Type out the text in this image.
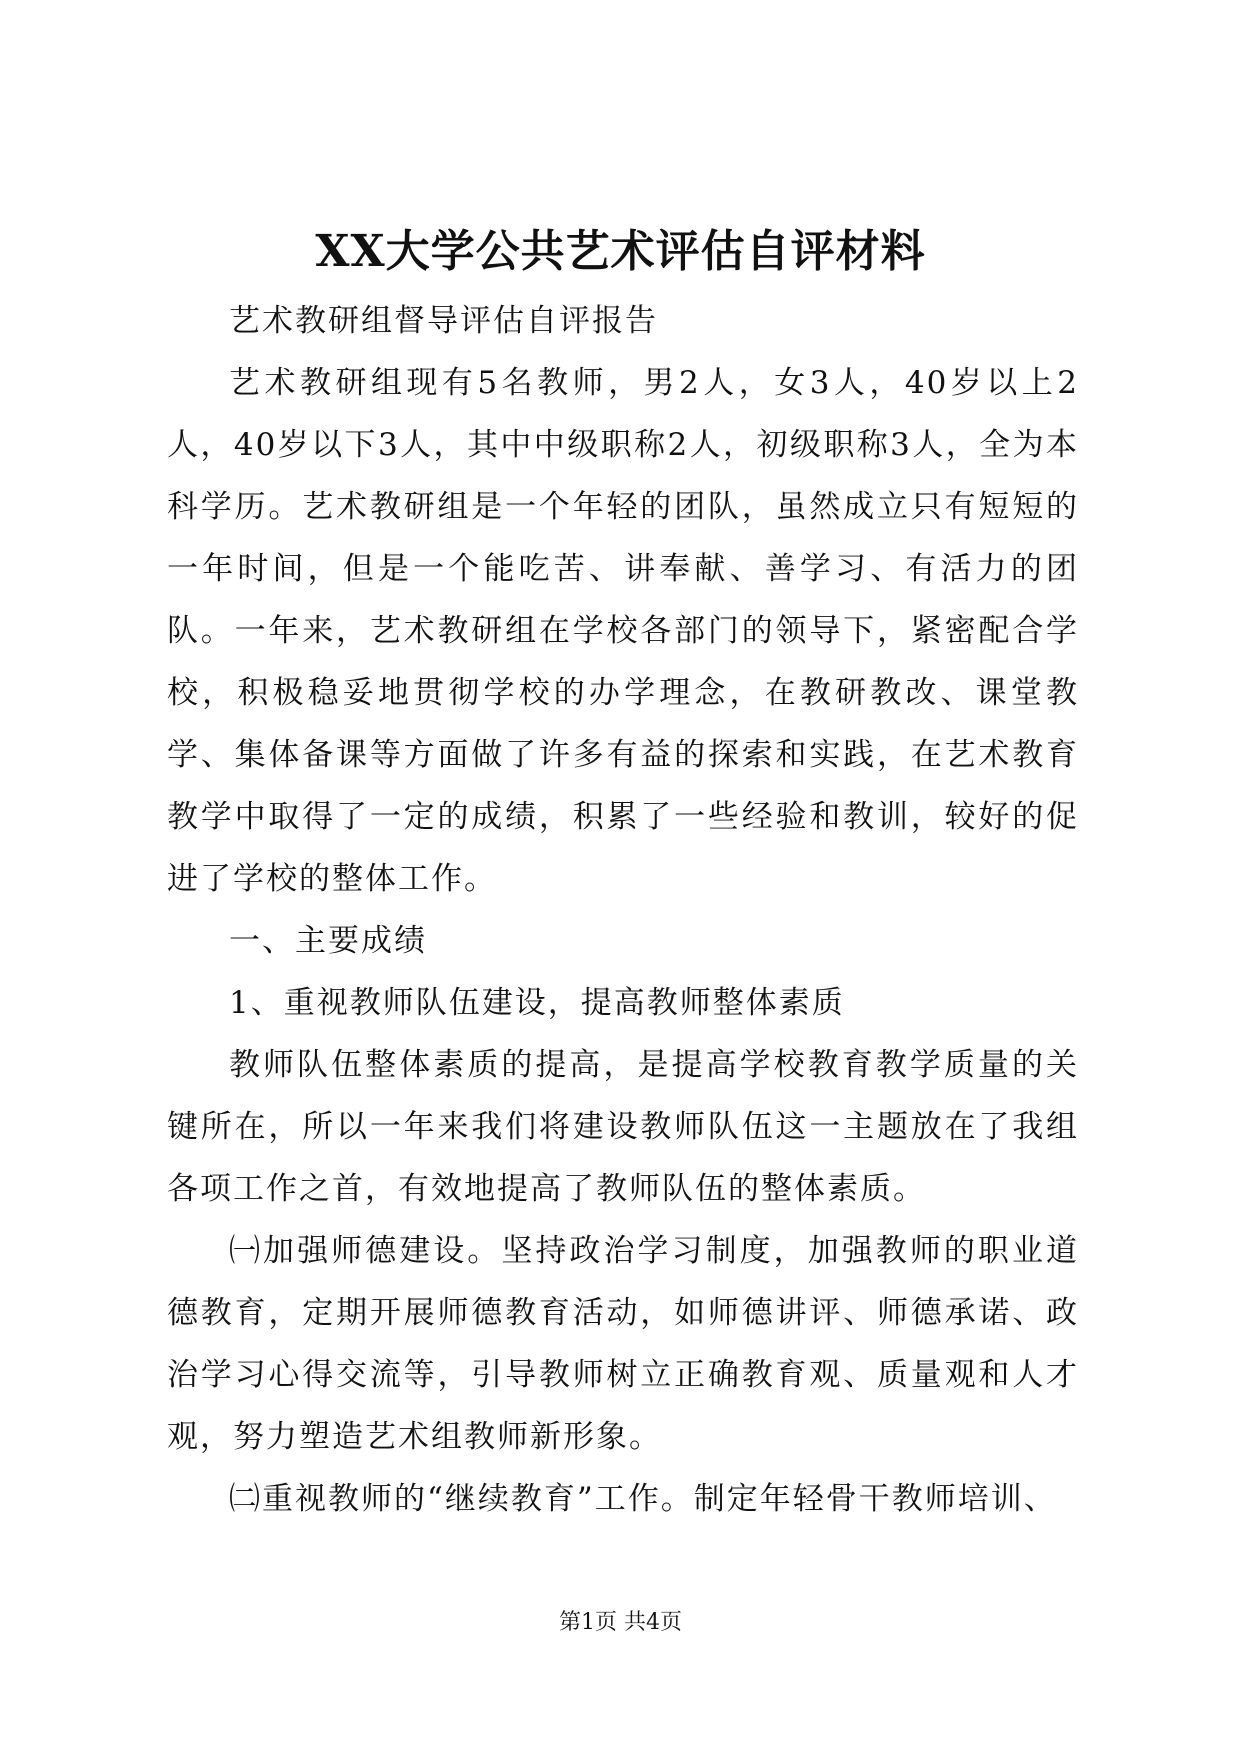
XX大学公共艺术评估自评材料

艺术教研组督导评估自评报告

艺术教研组现有5名教师，男2人，女3人，40岁以上2人，40岁以下3人，其中中级职称2人，初级职称3人，全为本科学历。艺术教研组是一个年轻的团队，虽然成立只有短短的一年时间，但是一个能吃苦、讲奉献、善学习、有活力的团队。一年来，艺术教研组在学校各部门的领导下，紧密配合学校，积极稳妥地贯彻学校的办学理念，在教研教改、课堂教学、集体备课等方面做了许多有益的探索和实践，在艺术教育教学中取得了一定的成绩，积累了一些经验和教训，较好的促进了学校的整体工作。

一、主要成绩

1、重视教师队伍建设，提高教师整体素质

教师队伍整体素质的提高，是提高学校教育教学质量的关键所在，所以一年来我们将建设教师队伍这一主题放在了我组各项工作之首，有效地提高了教师队伍的整体素质。

㈠加强师德建设。坚持政治学习制度，加强教师的职业道德教育，定期开展师德教育活动，如师德讲评、师德承诺、政治学习心得交流等，引导教师树立正确教育观、质量观和人才观，努力塑造艺术组教师新形象。

㈡重视教师的“继续教育”工作。制定年轻骨干教师培训、

第1页 共4页
